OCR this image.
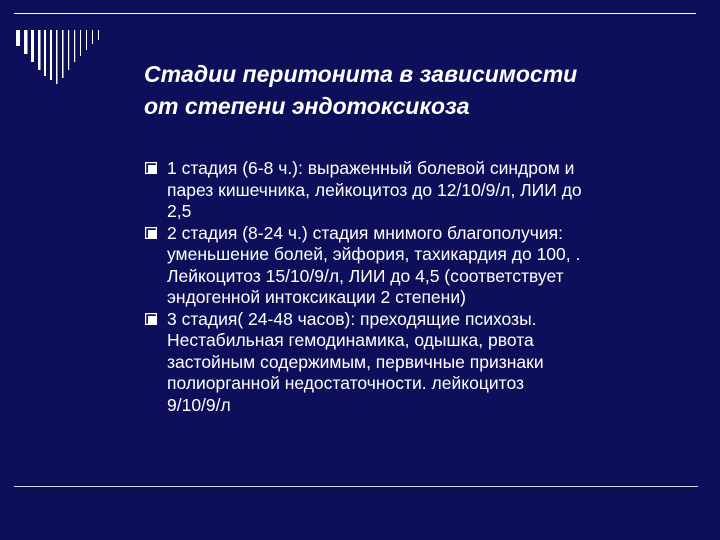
Стадии перитонита в зависимости
от степени эндотоксикоза
1 стадия (6-8 ч.): выраженный болевой синдром и
парез кишечника, лейкоцитоз до 12/10/9/л, ЛИИ до
2,5
2 стадия (8-24 ч.) стадия мнимого благополучия:
уменьшение болей, эйфория, тахикардия до 100, .
Лейкоцитоз 15/10/9/л, ЛИИ до 4,5 (соответствует
эндогенной интоксикации 2 степени)
3 стадия( 24-48 часов): преходящие психозы.
Нестабильная гемодинамика, одышка, рвота
застойным содержимым, первичные признаки
полиорганной недостаточности. лейкоцитоз
9/10/9/л
